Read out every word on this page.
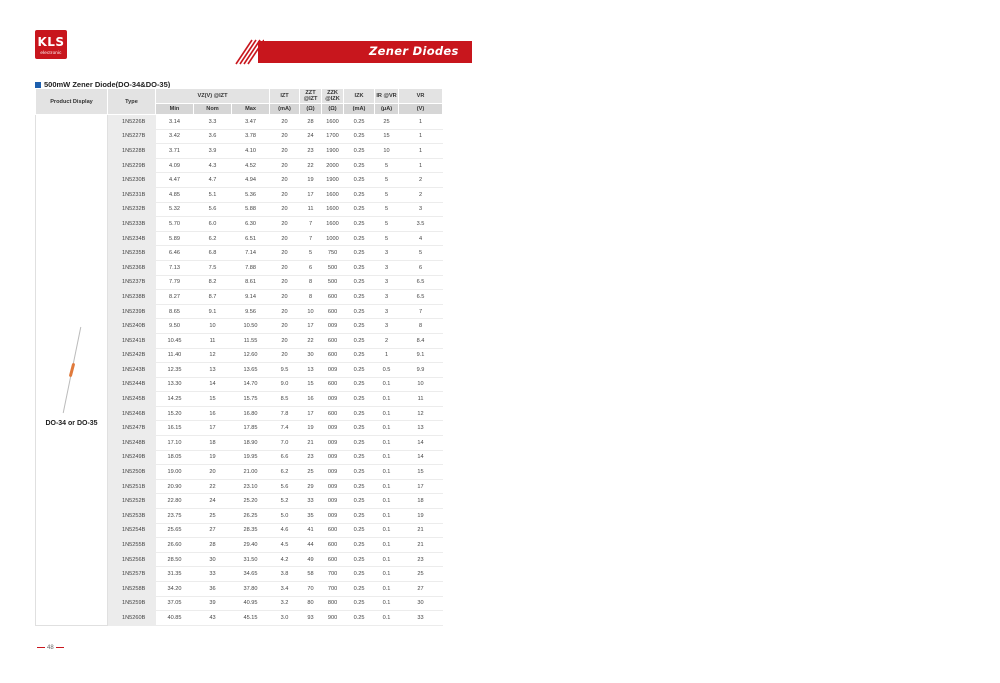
KLS
electronic	Zener Diodes
500mW Zener Diode(DO-34&DO-35)
Product Display	Type	VZ(V) @IZT			IZT	ZZT @IZT	ZZK @IZK	IZK	IR @VR	VR
		Min	Nom	Max	(mA)	(Ω)	(Ω)	(mA)	(μA)	(V)

DO-34 or DO-35	1N5226B	3.14	3.3	3.47	20	28	1600	0.25	25	1
	1N5227B	3.42	3.6	3.78	20	24	1700	0.25	15	1
	1N5228B	3.71	3.9	4.10	20	23	1900	0.25	10	1
	1N5229B	4.09	4.3	4.52	20	22	2000	0.25	5	1
	1N5230B	4.47	4.7	4.94	20	19	1900	0.25	5	2
	1N5231B	4.85	5.1	5.36	20	17	1600	0.25	5	2
	1N5232B	5.32	5.6	5.88	20	11	1600	0.25	5	3
	1N5233B	5.70	6.0	6.30	20	7	1600	0.25	5	3.5
	1N5234B	5.89	6.2	6.51	20	7	1000	0.25	5	4
	1N5235B	6.46	6.8	7.14	20	5	750	0.25	3	5
	1N5236B	7.13	7.5	7.88	20	6	500	0.25	3	6
	1N5237B	7.79	8.2	8.61	20	8	500	0.25	3	6.5
	1N5238B	8.27	8.7	9.14	20	8	600	0.25	3	6.5
	1N5239B	8.65	9.1	9.56	20	10	600	0.25	3	7
	1N5240B	9.50	10	10.50	20	17	009	0.25	3	8
	1N5241B	10.45	11	11.55	20	22	600	0.25	2	8.4
	1N5242B	11.40	12	12.60	20	30	600	0.25	1	9.1
	1N5243B	12.35	13	13.65	9.5	13	009	0.25	0.5	9.9
	1N5244B	13.30	14	14.70	9.0	15	600	0.25	0.1	10
	1N5245B	14.25	15	15.75	8.5	16	009	0.25	0.1	11
	1N5246B	15.20	16	16.80	7.8	17	600	0.25	0.1	12
	1N5247B	16.15	17	17.85	7.4	19	009	0.25	0.1	13
	1N5248B	17.10	18	18.90	7.0	21	009	0.25	0.1	14
	1N5249B	18.05	19	19.95	6.6	23	009	0.25	0.1	14
	1N5250B	19.00	20	21.00	6.2	25	009	0.25	0.1	15
	1N5251B	20.90	22	23.10	5.6	29	009	0.25	0.1	17
	1N5252B	22.80	24	25.20	5.2	33	009	0.25	0.1	18
	1N5253B	23.75	25	26.25	5.0	35	009	0.25	0.1	19
	1N5254B	25.65	27	28.35	4.6	41	600	0.25	0.1	21
	1N5255B	26.60	28	29.40	4.5	44	600	0.25	0.1	21
	1N5256B	28.50	30	31.50	4.2	49	600	0.25	0.1	23
	1N5257B	31.35	33	34.65	3.8	58	700	0.25	0.1	25
	1N5258B	34.20	36	37.80	3.4	70	700	0.25	0.1	27
	1N5259B	37.05	39	40.95	3.2	80	800	0.25	0.1	30
	1N5260B	40.85	43	45.15	3.0	93	900	0.25	0.1	33
48
